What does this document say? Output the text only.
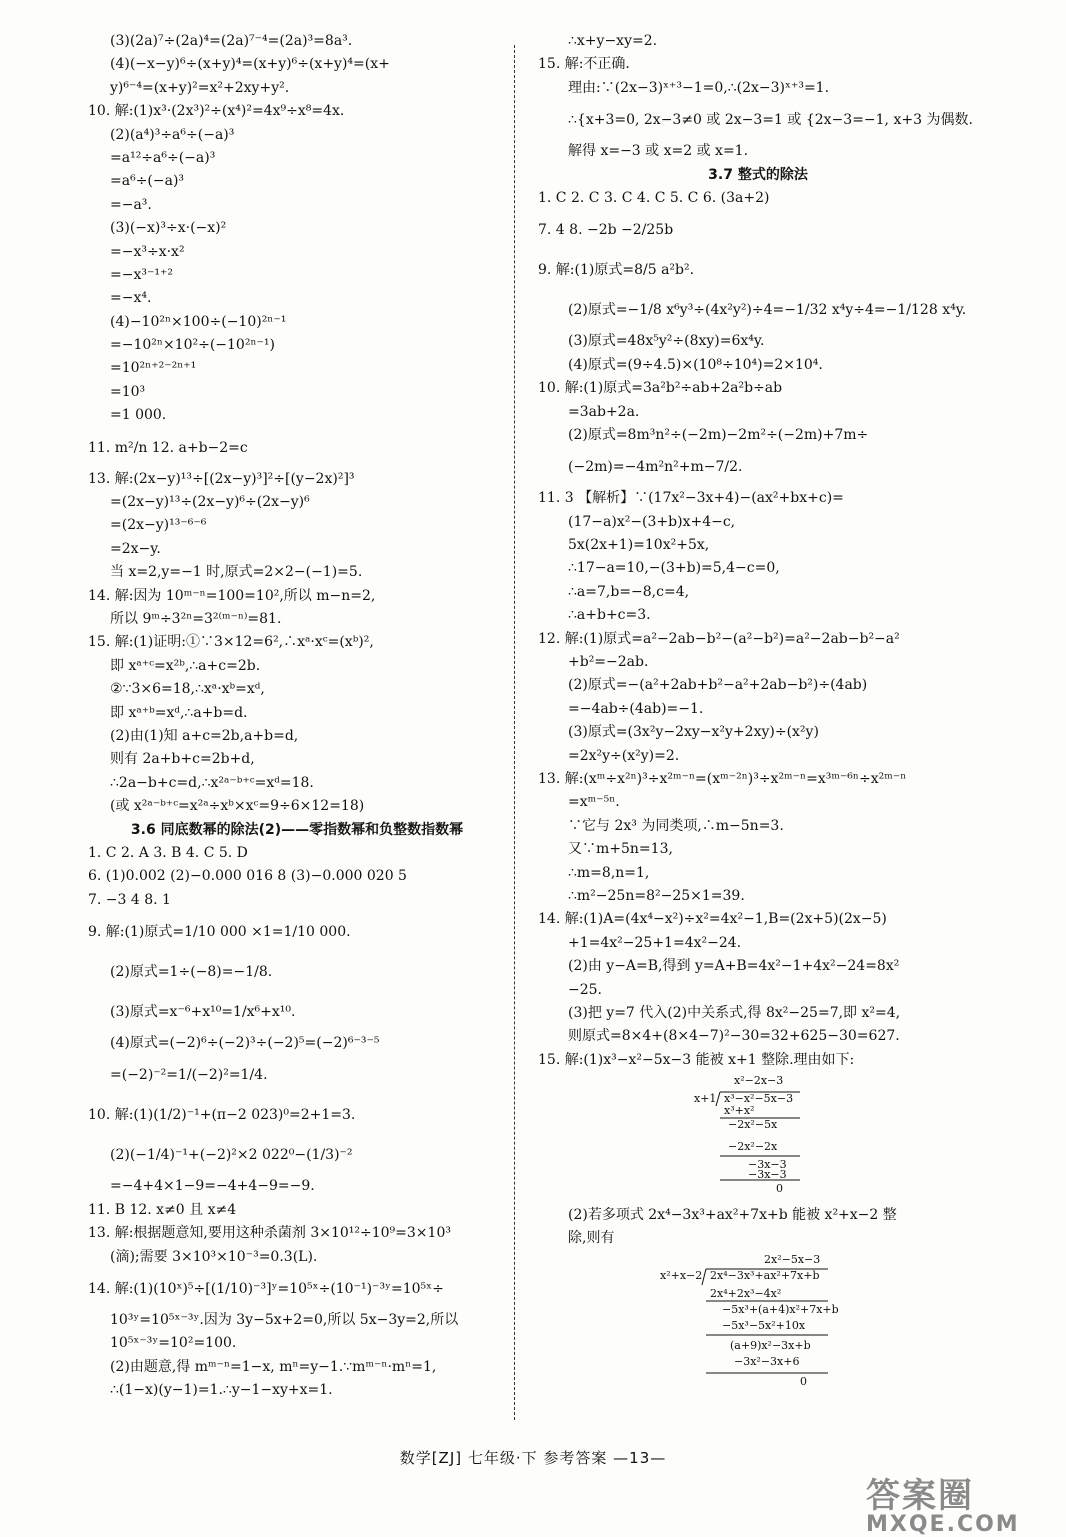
(3)(2a)⁷÷(2a)⁴=(2a)⁷⁻⁴=(2a)³=8a³.
(4)(−x−y)⁶÷(x+y)⁴=(x+y)⁶÷(x+y)⁴=(x+
y)⁶⁻⁴=(x+y)²=x²+2xy+y².
10. 解:(1)x³·(2x³)²÷(x⁴)²=4x⁹÷x⁸=4x.
(2)(a⁴)³÷a⁶÷(−a)³
=a¹²÷a⁶÷(−a)³
=a⁶÷(−a)³
=−a³.
(3)(−x)³÷x·(−x)²
=−x³÷x·x²
=−x³⁻¹⁺²
=−x⁴.
(4)−10²ⁿ×100÷(−10)²ⁿ⁻¹
=−10²ⁿ×10²÷(−10²ⁿ⁻¹)
=10²ⁿ⁺²⁻²ⁿ⁺¹
=10³
=1 000.
11. m²/n 12. a+b−2=c
13. 解:(2x−y)¹³÷[(2x−y)³]²÷[(y−2x)²]³
=(2x−y)¹³÷(2x−y)⁶÷(2x−y)⁶
=(2x−y)¹³⁻⁶⁻⁶
=2x−y.
当 x=2,y=−1 时,原式=2×2−(−1)=5.
14. 解:因为 10ᵐ⁻ⁿ=100=10²,所以 m−n=2,
所以 9ᵐ÷3²ⁿ=3²⁽ᵐ⁻ⁿ⁾=81.
15. 解:(1)证明:①∵3×12=6²,∴xᵃ·xᶜ=(xᵇ)²,
即 xᵃ⁺ᶜ=x²ᵇ,∴a+c=2b.
②∵3×6=18,∴xᵃ·xᵇ=xᵈ,
即 xᵃ⁺ᵇ=xᵈ,∴a+b=d.
(2)由(1)知 a+c=2b,a+b=d,
则有 2a+b+c=2b+d,
∴2a−b+c=d,∴x²ᵃ⁻ᵇ⁺ᶜ=xᵈ=18.
(或 x²ᵃ⁻ᵇ⁺ᶜ=x²ᵃ÷xᵇ×xᶜ=9÷6×12=18)
3.6 同底数幂的除法(2)——零指数幂和负整数指数幂
1. C 2. A 3. B 4. C 5. D
6. (1)0.002 (2)−0.000 016 8 (3)−0.000 020 5
7. −3 4 8. 1
9. 解:(1)原式=1/10 000 ×1=1/10 000.
(2)原式=1÷(−8)=−1/8.
(3)原式=x⁻⁶+x¹⁰=1/x⁶+x¹⁰.
(4)原式=(−2)⁶÷(−2)³÷(−2)⁵=(−2)⁶⁻³⁻⁵
=(−2)⁻²=1/(−2)²=1/4.
10. 解:(1)(1/2)⁻¹+(π−2 023)⁰=2+1=3.
(2)(−1/4)⁻¹+(−2)²×2 022⁰−(1/3)⁻²
=−4+4×1−9=−4+4−9=−9.
11. B 12. x≠0 且 x≠4
13. 解:根据题意知,要用这种杀菌剂 3×10¹²÷10⁹=3×10³
(滴);需要 3×10³×10⁻³=0.3(L).
14. 解:(1)(10ˣ)⁵÷[(1/10)⁻³]ʸ=10⁵ˣ÷(10⁻¹)⁻³ʸ=10⁵ˣ÷
10³ʸ=10⁵ˣ⁻³ʸ.因为 3y−5x+2=0,所以 5x−3y=2,所以
10⁵ˣ⁻³ʸ=10²=100.
(2)由题意,得 mᵐ⁻ⁿ=1−x, mⁿ=y−1.∵mᵐ⁻ⁿ·mⁿ=1,
∴(1−x)(y−1)=1.∴y−1−xy+x=1.
∴x+y−xy=2.
15. 解:不正确.
理由:∵(2x−3)ˣ⁺³−1=0,∴(2x−3)ˣ⁺³=1.
∴{x+3=0, 2x−3≠0 或 2x−3=1 或 {2x−3=−1, x+3 为偶数.
解得 x=−3 或 x=2 或 x=1.
3.7 整式的除法
1. C 2. C 3. C 4. C 5. C 6. (3a+2)
7. 4 8. −2b −2/25b
9. 解:(1)原式=8/5 a²b².
(2)原式=−1/8 x⁶y³÷(4x²y²)÷4=−1/32 x⁴y÷4=−1/128 x⁴y.
(3)原式=48x⁵y²÷(8xy)=6x⁴y.
(4)原式=(9÷4.5)×(10⁸÷10⁴)=2×10⁴.
10. 解:(1)原式=3a²b²÷ab+2a²b÷ab
=3ab+2a.
(2)原式=8m³n²÷(−2m)−2m²÷(−2m)+7m÷
(−2m)=−4m²n²+m−7/2.
11. 3 【解析】∵(17x²−3x+4)−(ax²+bx+c)=
(17−a)x²−(3+b)x+4−c,
5x(2x+1)=10x²+5x,
∴17−a=10,−(3+b)=5,4−c=0,
∴a=7,b=−8,c=4,
∴a+b+c=3.
12. 解:(1)原式=a²−2ab−b²−(a²−b²)=a²−2ab−b²−a²
+b²=−2ab.
(2)原式=−(a²+2ab+b²−a²+2ab−b²)÷(4ab)
=−4ab÷(4ab)=−1.
(3)原式=(3x²y−2xy−x²y+2xy)÷(x²y)
=2x²y÷(x²y)=2.
13. 解:(xᵐ÷x²ⁿ)³÷x²ᵐ⁻ⁿ=(xᵐ⁻²ⁿ)³÷x²ᵐ⁻ⁿ=x³ᵐ⁻⁶ⁿ÷x²ᵐ⁻ⁿ
=xᵐ⁻⁵ⁿ.
∵它与 2x³ 为同类项,∴m−5n=3.
又∵m+5n=13,
∴m=8,n=1,
∴m²−25n=8²−25×1=39.
14. 解:(1)A=(4x⁴−x²)÷x²=4x²−1,B=(2x+5)(2x−5)
+1=4x²−25+1=4x²−24.
(2)由 y−A=B,得到 y=A+B=4x²−1+4x²−24=8x²
−25.
(3)把 y=7 代入(2)中关系式,得 8x²−25=7,即 x²=4,
则原式=8×4+(8×4−7)²−30=32+625−30=627.
15. 解:(1)x³−x²−5x−3 能被 x+1 整除.理由如下:
x²−2x−3
x+1 x³−x²−5x−3
x³+x²
−2x²−5x
−2x²−2x
−3x−3
−3x−3
0
(2)若多项式 2x⁴−3x³+ax²+7x+b 能被 x²+x−2 整
除,则有
2x²−5x−3
x²+x−2 2x⁴−3x³+ax²+7x+b
2x⁴+2x³−4x²
−5x³+(a+4)x²+7x+b
−5x³−5x²+10x
(a+9)x²−3x+b
−3x²−3x+6
0
数学[ZJ] 七年级·下 参考答案 —13—
答案圈
MXQE.COM
